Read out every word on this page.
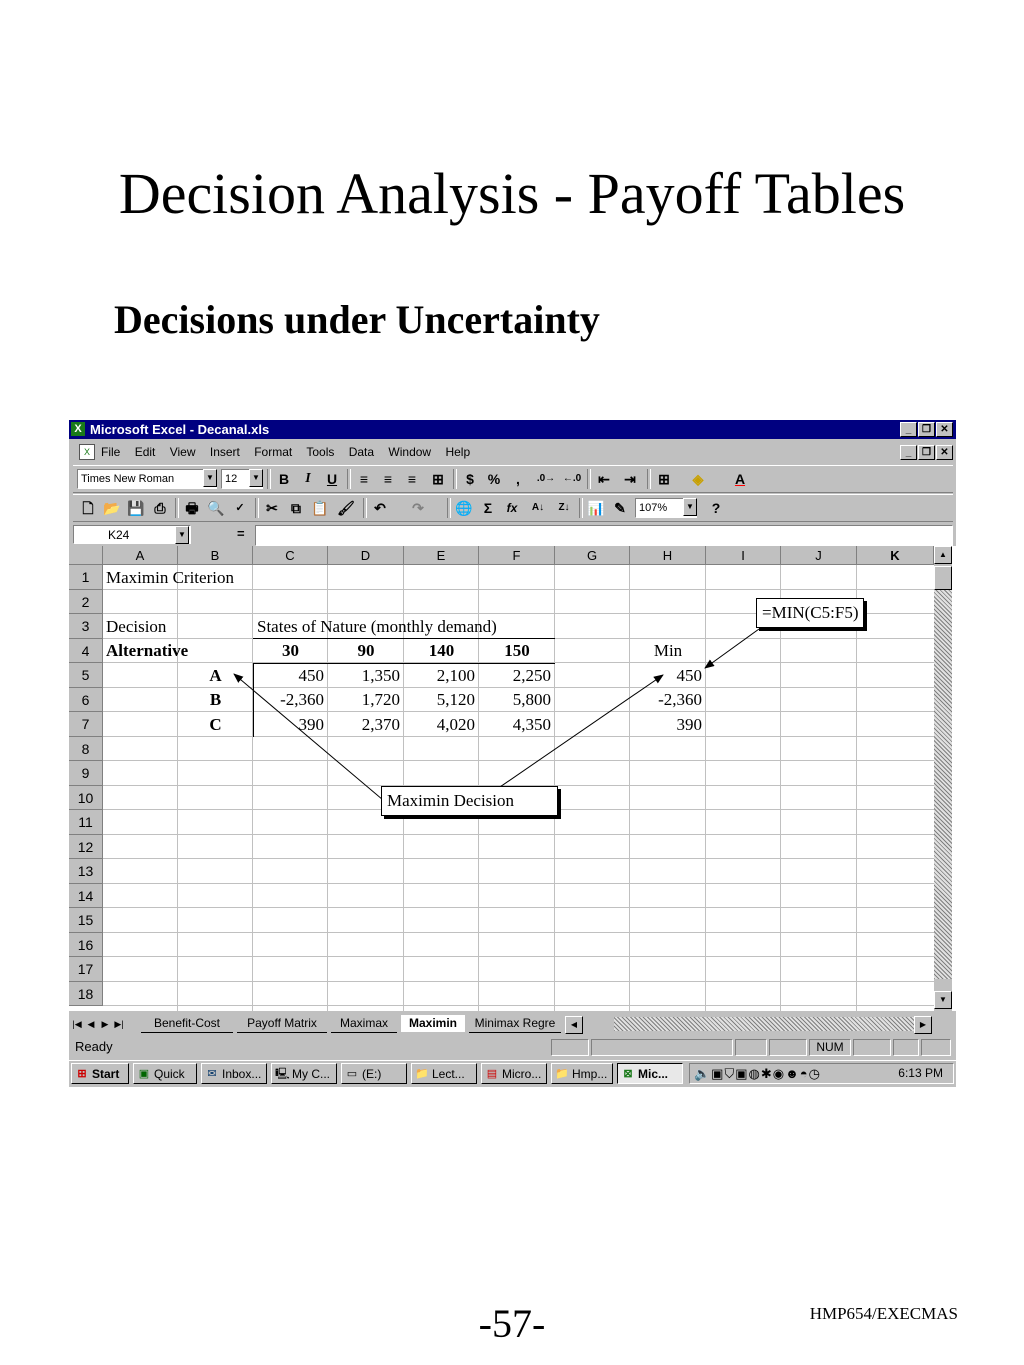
Decision Analysis - Payoff Tables
Decisions under Uncertainty
X Microsoft Excel - Decanal.xls	_ ❐ ✕
X File Edit View Insert Format Tools Data Window Help	_ ❐ ✕
Times New Roman	▼	12	▼	B	I	U	≡	≡	≡	⊞	$ %	,	.0→ ←.0	⇤	⇥	⊞	◈	A
🗋 📂 💾 ⎙	🖶 🔍 ✓	✂ ⧉ 📋 🖌	↶	↷	🌐 Σ	fx	A↓	Z↓	📊 ✎	107%	▼	?
K24	▼	=
A	B	C	D	E	F	G	H	I	J	K
1
2
3
4
5
6
7
8
9
10
11
12
13
14
15
16
17
18
Maximin Criterion
Decision	States of Nature (monthly demand)
Alternative	30	90	140	150	Min
A	450	1,350	2,100	2,250	450
B	-2,360	1,720	5,120	5,800	-2,360
C	390	2,370	4,020	4,350	390
=MIN(C5:F5)
Maximin Decision
▲
▼
|◀ ◀ ▶ ▶|	Benefit-Cost	Payoff Matrix	Maximax	Maximin	Minimax Regre	◀	▶
Ready	NUM
⊞ Start	▣ Quick	✉ Inbox...	🖳 My C...	▭ (E:)	📁 Lect...	▤ Micro...	📁 Hmp...	⊠ Mic...	🔈▣⛉▣◍✱◉☻◓◷	6:13 PM
-57-	HMP654/EXECMAS
